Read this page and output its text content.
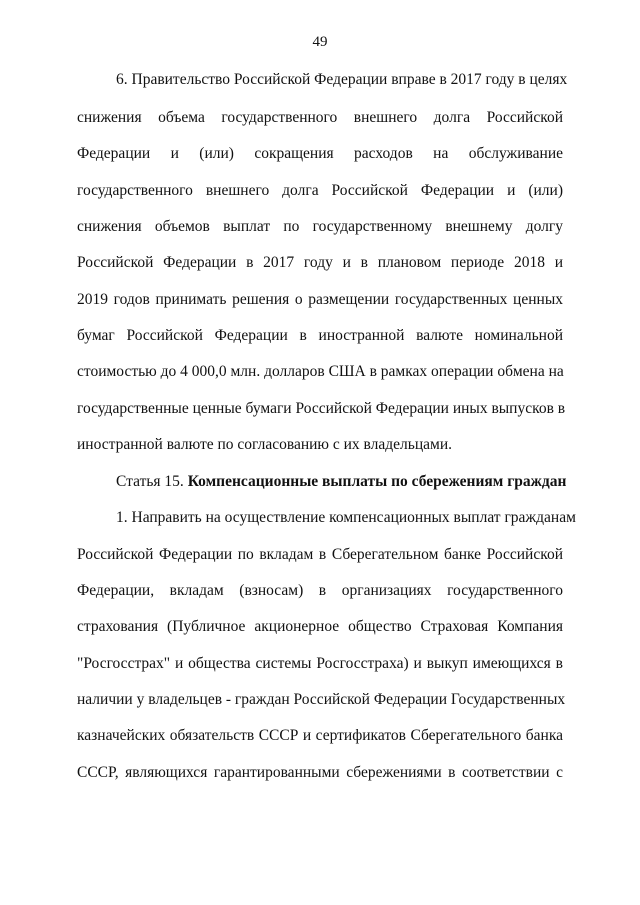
49
6. Правительство Российской Федерации вправе в 2017 году в целях
снижения объема государственного внешнего долга Российской
Федерации и (или) сокращения расходов на обслуживание
государственного внешнего долга Российской Федерации и (или)
снижения объемов выплат по государственному внешнему долгу
Российской Федерации в 2017 году и в плановом периоде 2018 и
2019 годов принимать решения о размещении государственных ценных
бумаг Российской Федерации в иностранной валюте номинальной
стоимостью до 4 000,0 млн. долларов США в рамках операции обмена на
государственные ценные бумаги Российской Федерации иных выпусков в
иностранной валюте по согласованию с их владельцами.
Статья 15. Компенсационные выплаты по сбережениям граждан
1. Направить на осуществление компенсационных выплат гражданам
Российской Федерации по вкладам в Сберегательном банке Российской
Федерации, вкладам (взносам) в организациях государственного
страхования (Публичное акционерное общество Страховая Компания
"Росгосстрах" и общества системы Росгосстраха) и выкуп имеющихся в
наличии у владельцев - граждан Российской Федерации Государственных
казначейских обязательств СССР и сертификатов Сберегательного банка
СССР, являющихся гарантированными сбережениями в соответствии с
